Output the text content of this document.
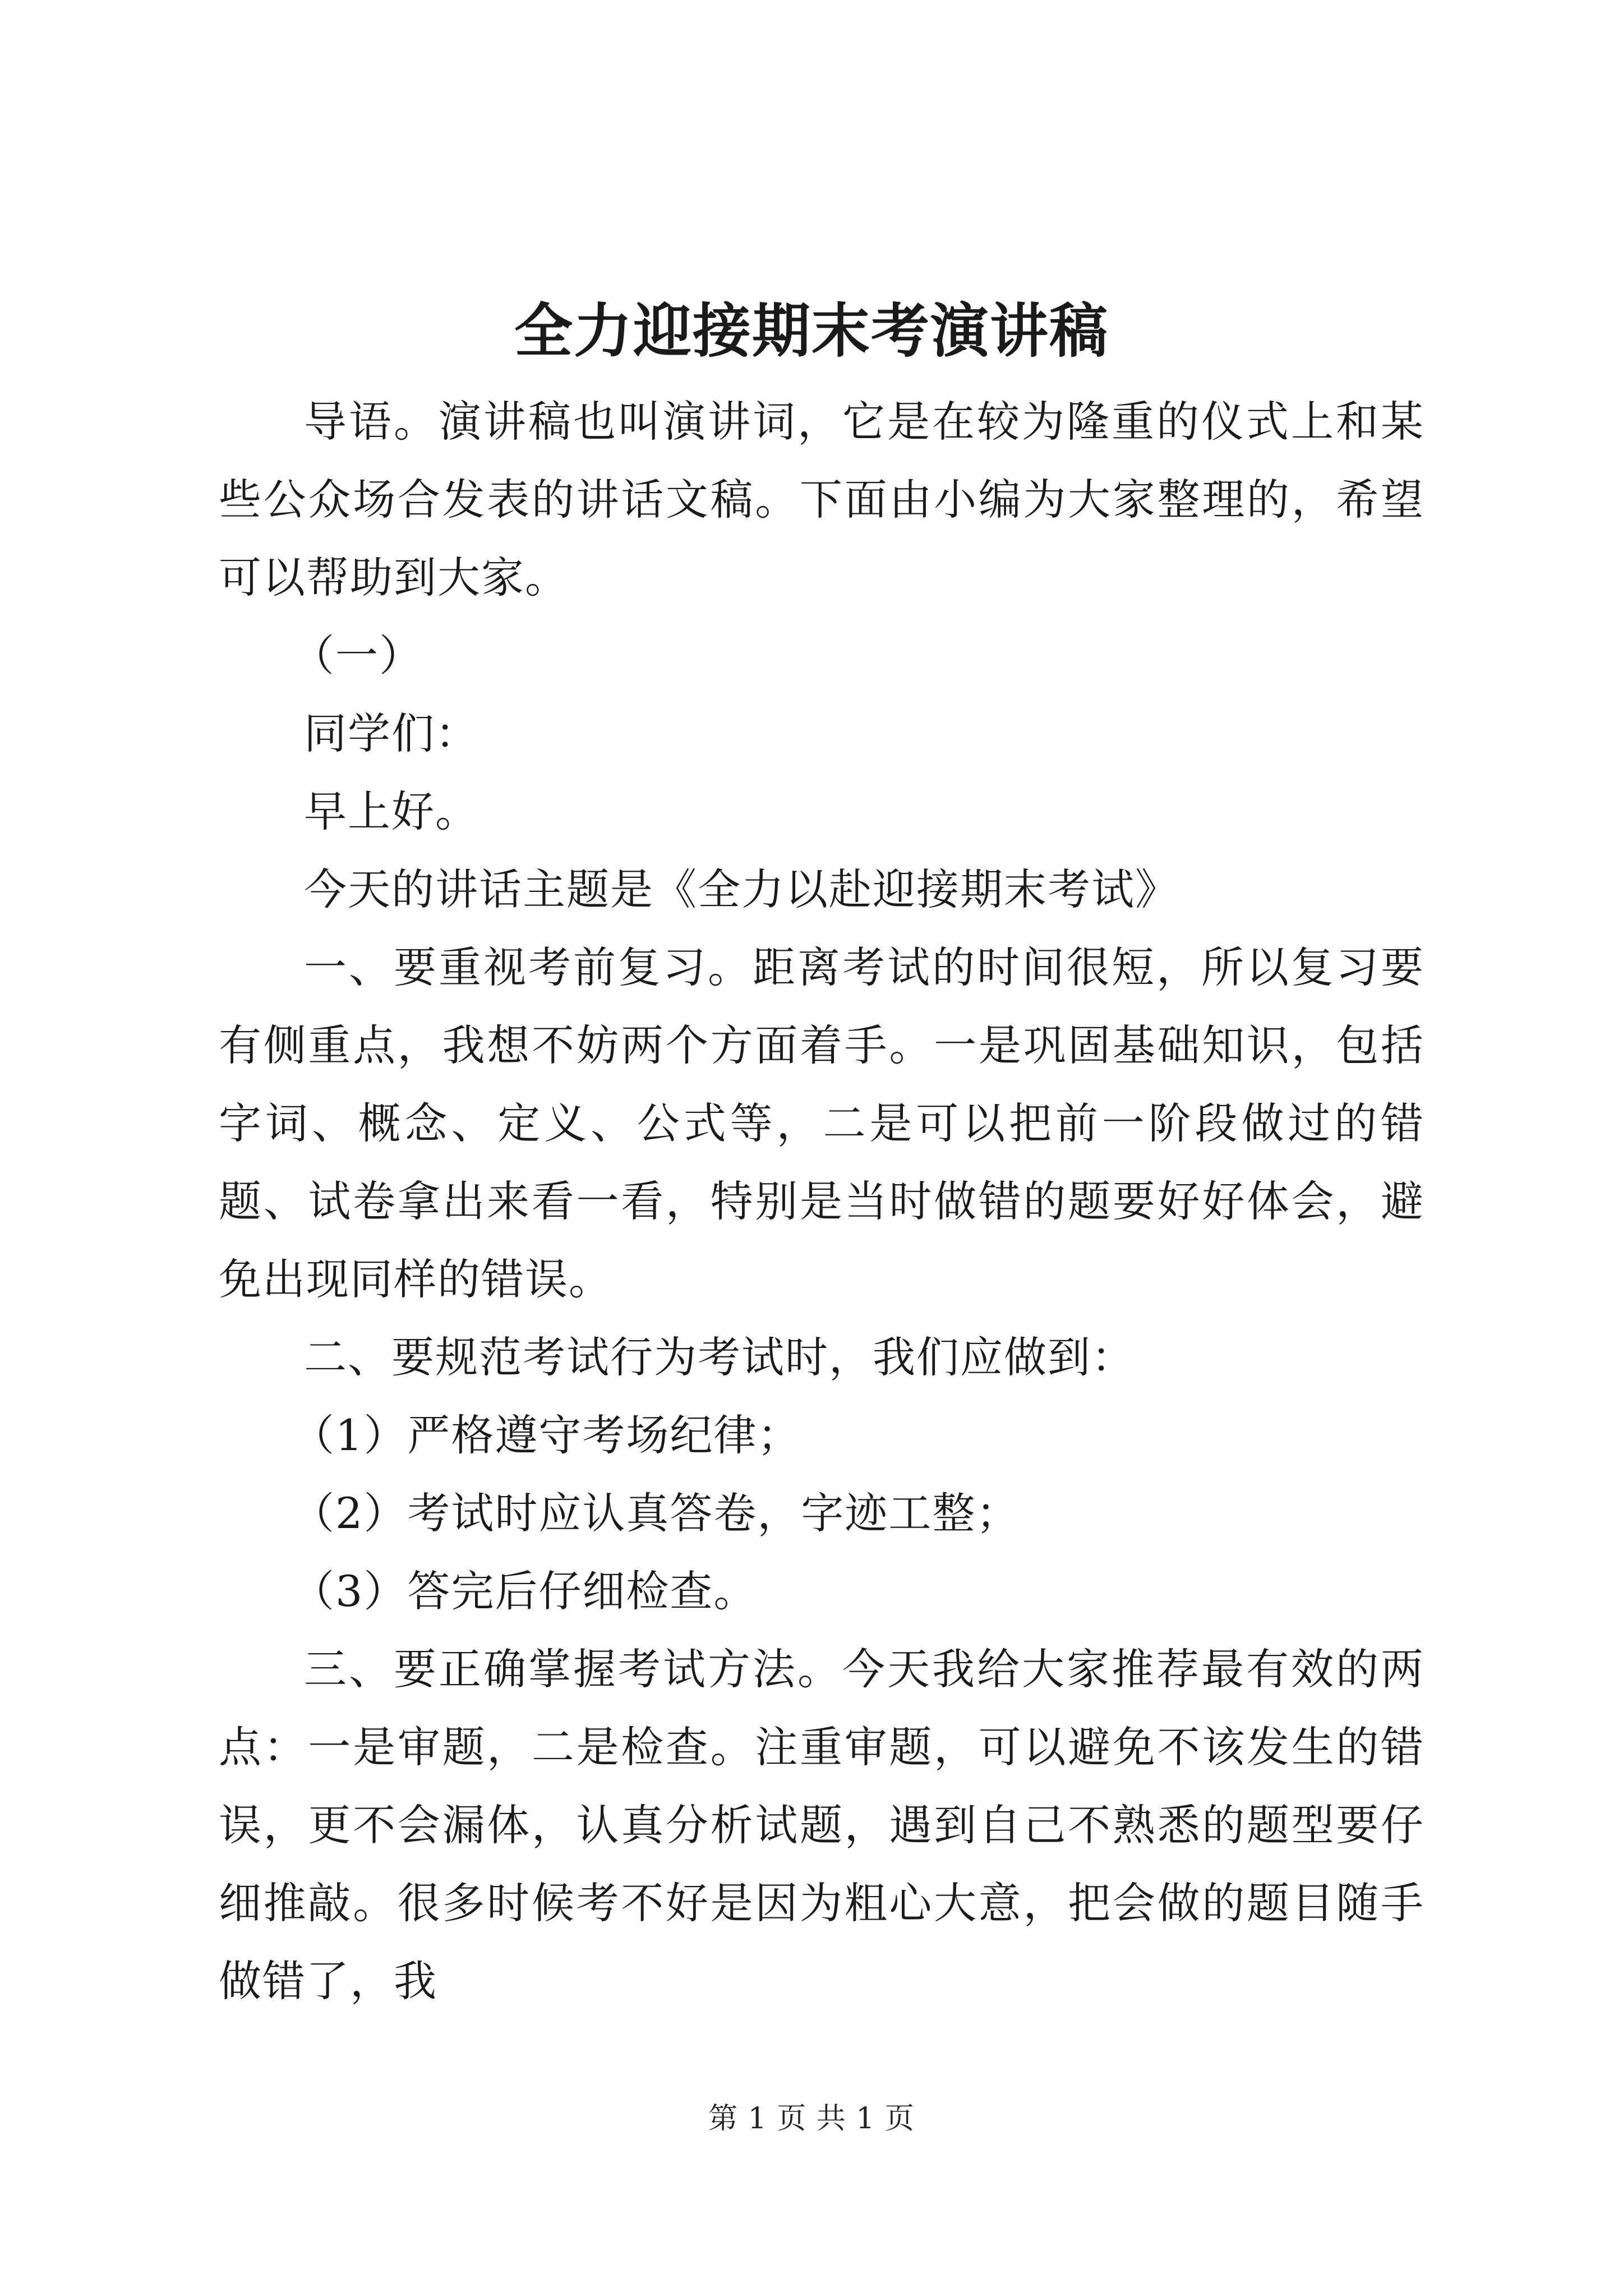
全力迎接期末考演讲稿

导语。演讲稿也叫演讲词，它是在较为隆重的仪式上和某些公众场合发表的讲话文稿。下面由小编为大家整理的，希望可以帮助到大家。

（一）

同学们：

早上好。

今天的讲话主题是《全力以赴迎接期末考试》

一、要重视考前复习。距离考试的时间很短，所以复习要有侧重点，我想不妨两个方面着手。一是巩固基础知识，包括字词、概念、定义、公式等，二是可以把前一阶段做过的错题、试卷拿出来看一看，特别是当时做错的题要好好体会，避免出现同样的错误。

二、要规范考试行为考试时，我们应做到：

（1）严格遵守考场纪律；

（2）考试时应认真答卷，字迹工整；

（3）答完后仔细检查。

三、要正确掌握考试方法。今天我给大家推荐最有效的两点：一是审题，二是检查。注重审题，可以避免不该发生的错误，更不会漏体，认真分析试题，遇到自己不熟悉的题型要仔细推敲。很多时候考不好是因为粗心大意，把会做的题目随手做错了，我

第 1 页 共 1 页
